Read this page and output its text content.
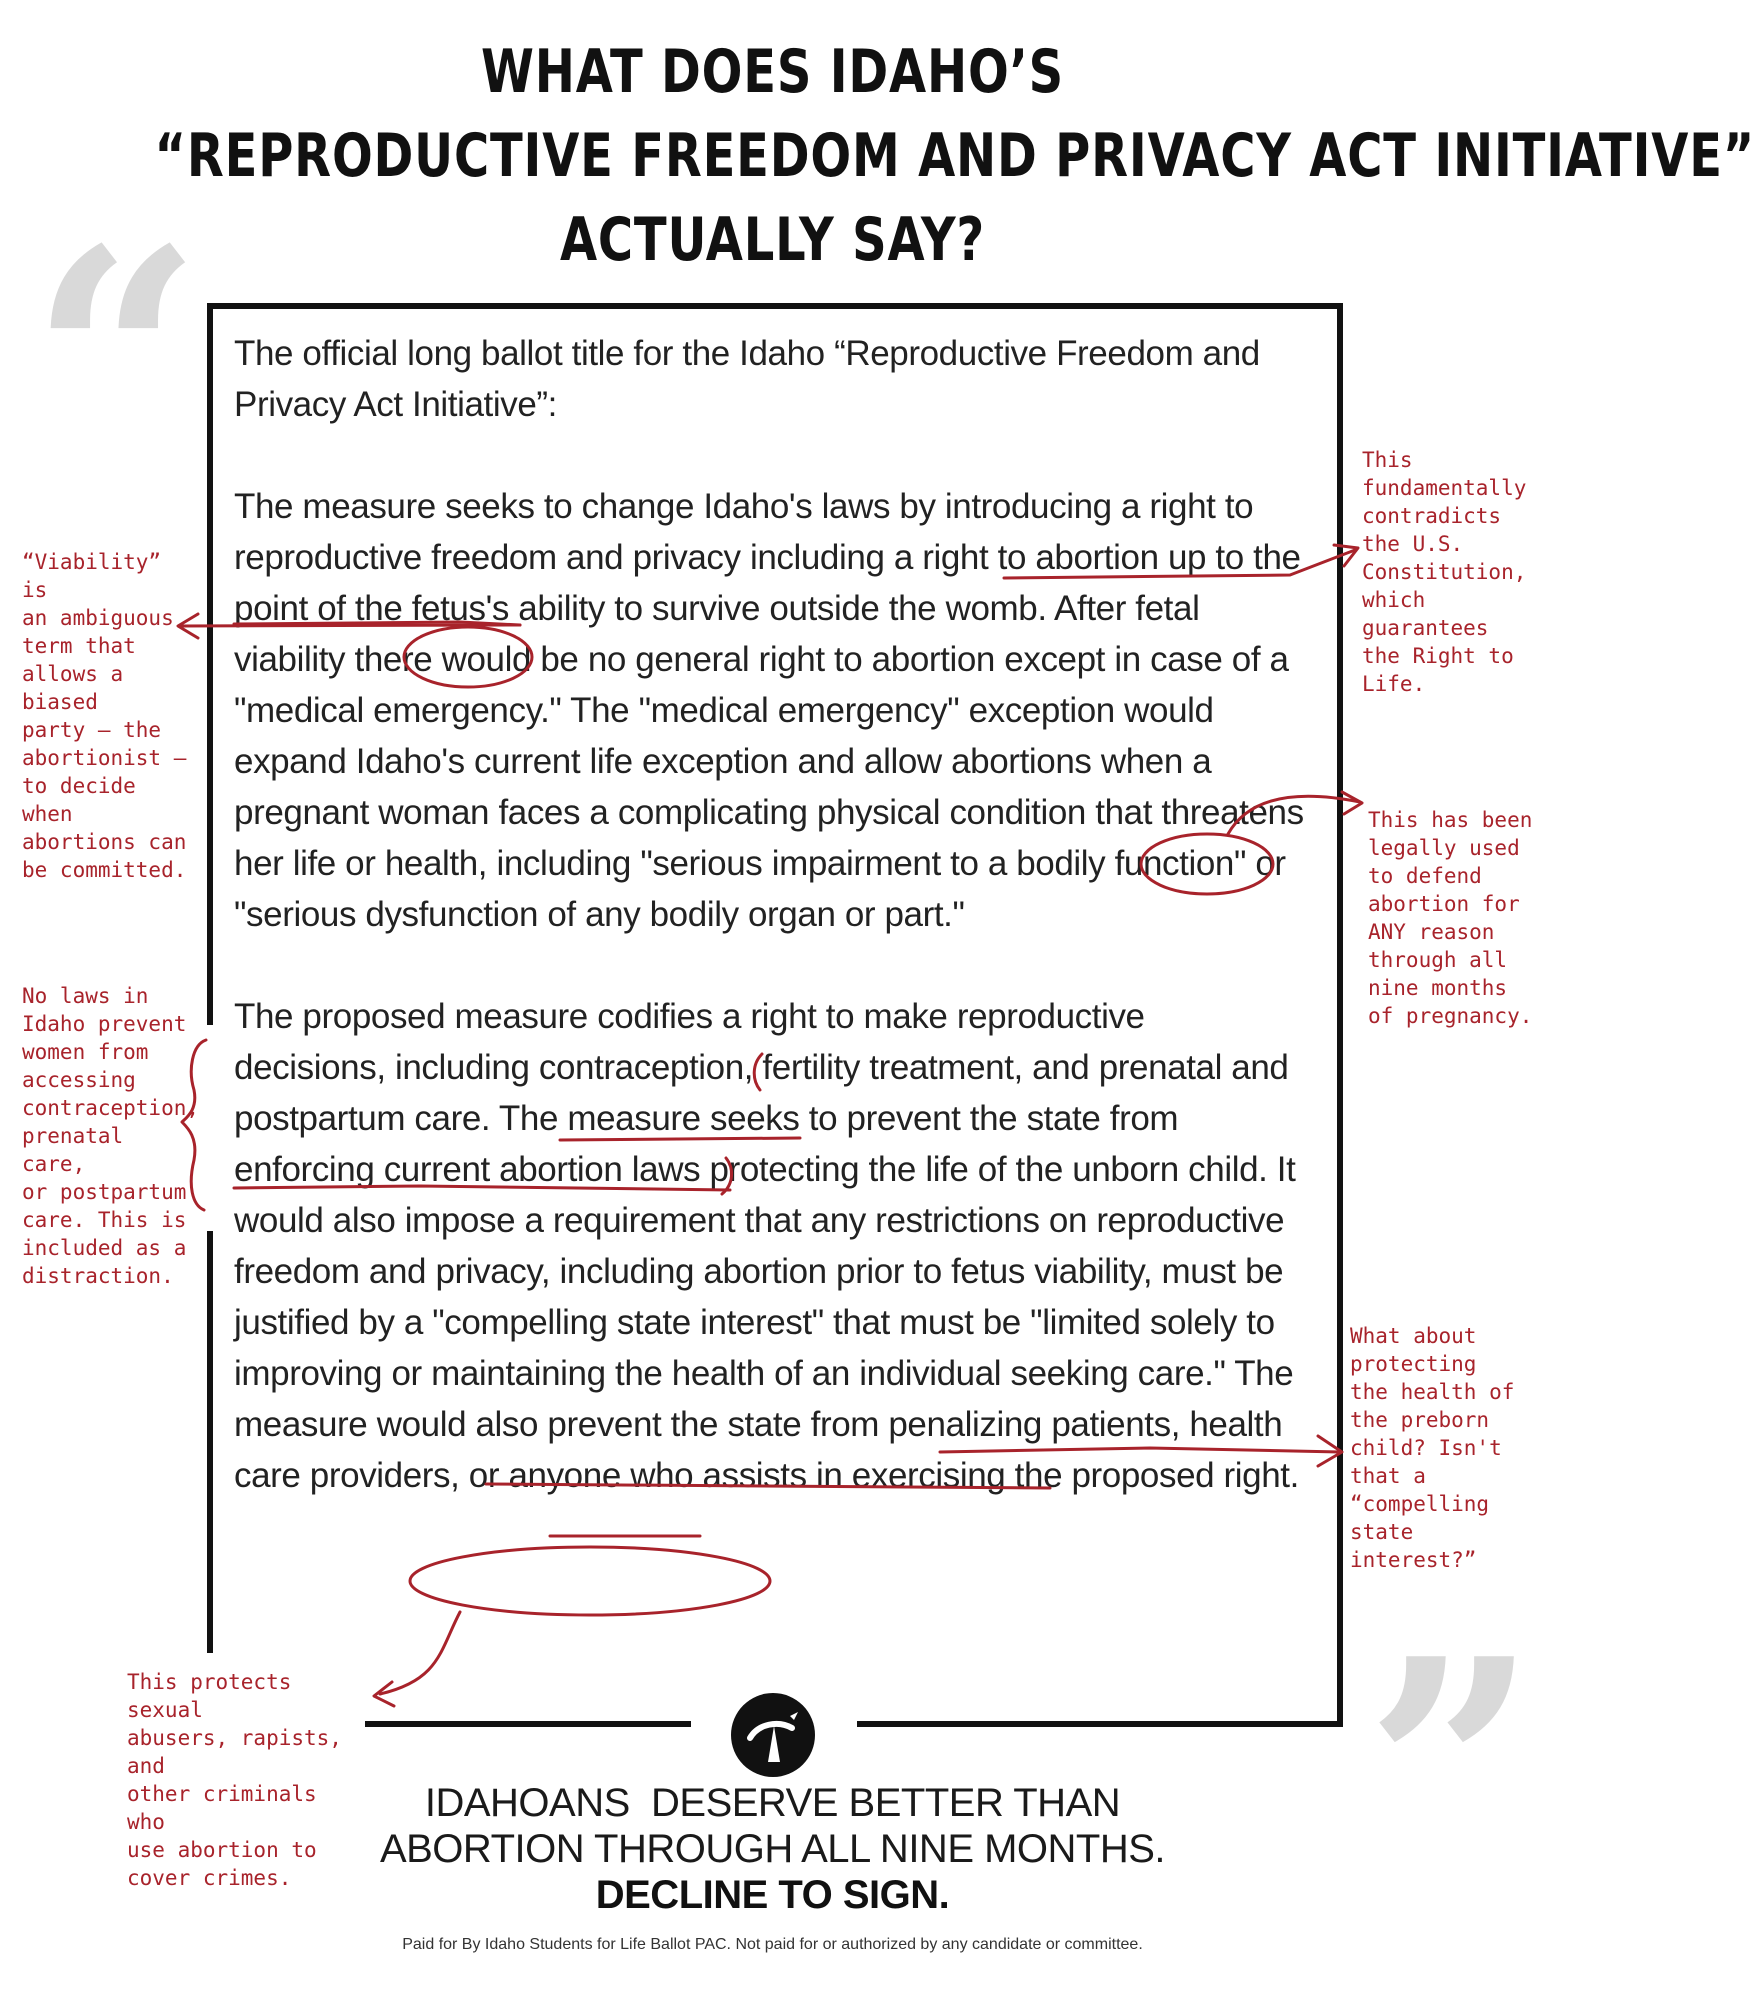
WHAT DOES IDAHO’S
“REPRODUCTIVE FREEDOM AND PRIVACY ACT INITIATIVE”
ACTUALLY SAY?
“
”

The official long ballot title for the Idaho “Reproductive Freedom and Privacy Act Initiative”:

The measure seeks to change Idaho's laws by introducing a right to reproductive freedom and privacy including a right to abortion up to the point of the fetus's ability to survive outside the womb. After fetal viability there would be no general right to abortion except in case of a "medical emergency." The "medical emergency" exception would expand Idaho's current life exception and allow abortions when a pregnant woman faces a complicating physical condition that threatens her life or health, including "serious impairment to a bodily function" or "serious dysfunction of any bodily organ or part."

The proposed measure codifies a right to make reproductive decisions, including contraception, fertility treatment, and prenatal and postpartum care. The measure seeks to prevent the state from enforcing current abortion laws protecting the life of the unborn child. It would also impose a requirement that any restrictions on reproductive freedom and privacy, including abortion prior to fetus viability, must be justified by a "compelling state interest" that must be "limited solely to improving or maintaining the health of an individual seeking care." The measure would also prevent the state from penalizing patients, health care providers, or anyone who assists in exercising the proposed right.

“Viability” is
an ambiguous
term that
allows a biased
party – the
abortionist –
to decide when
abortions can
be committed.
This
fundamentally
contradicts
the U.S.
Constitution,
which
guarantees
the Right to
Life.
This has been
legally used
to defend
abortion for
ANY reason
through all
nine months
of pregnancy.
No laws in
Idaho prevent
women from
accessing
contraception,
prenatal care,
or postpartum
care. This is
included as a
distraction.
What about
protecting
the health of
the preborn
child? Isn't
that a
“compelling
state
interest?”
This protects sexual
abusers, rapists, and
other criminals who
use abortion to
cover crimes.
IDAHOANS  DESERVE BETTER THAN
ABORTION THROUGH ALL NINE MONTHS.
DECLINE TO SIGN.
Paid for By Idaho Students for Life Ballot PAC. Not paid for or authorized by any candidate or committee.
